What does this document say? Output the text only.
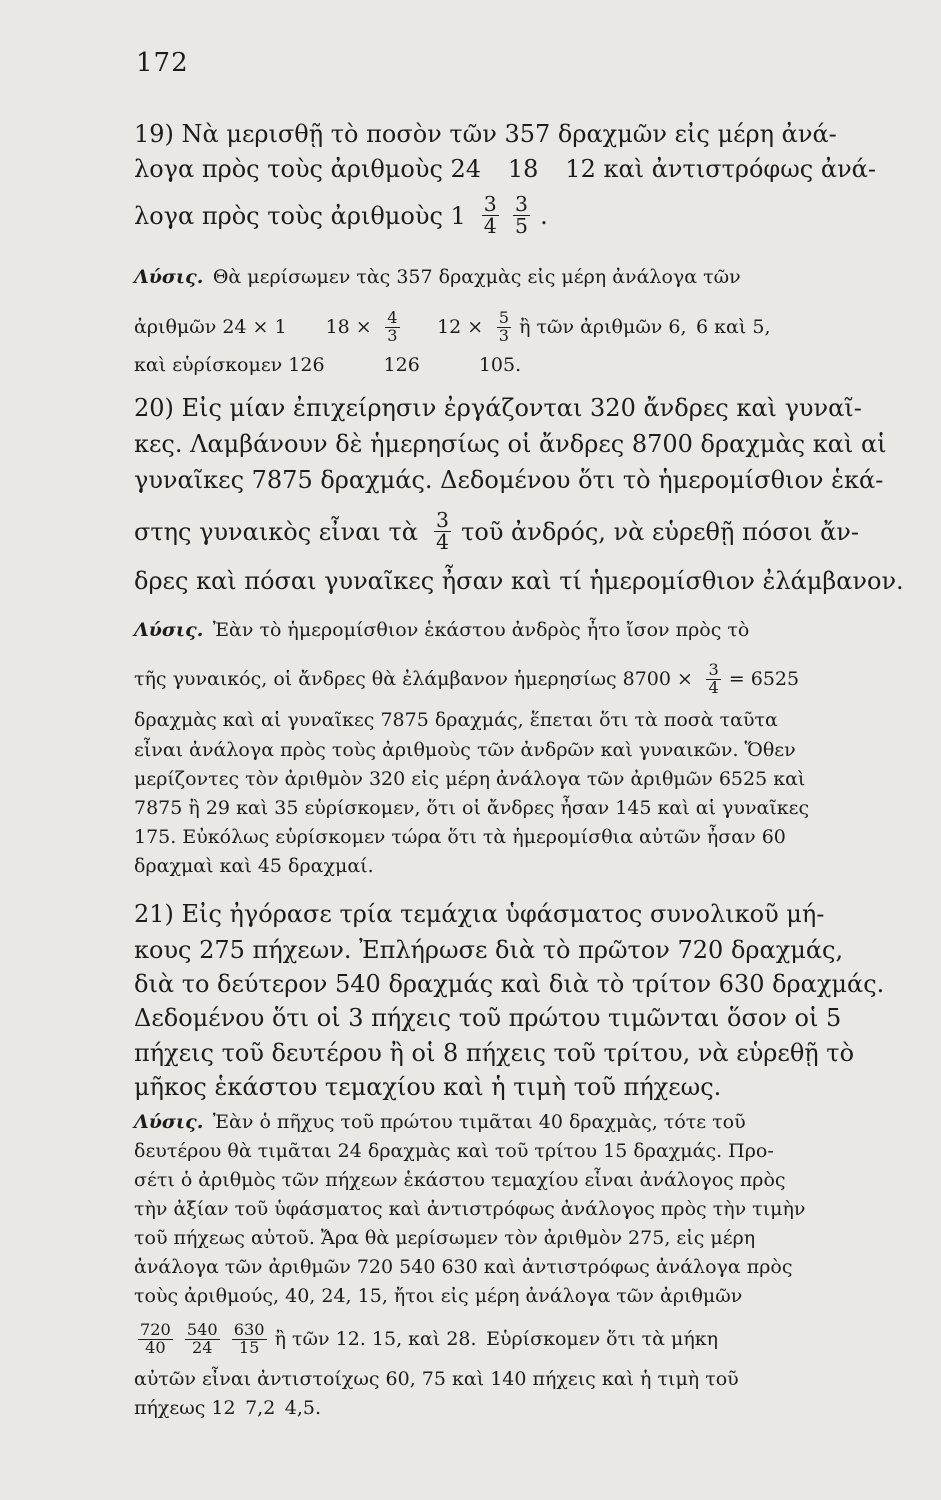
172
19) Νὰ μερισθῇ τὸ ποσὸν τῶν 357 δραχμῶν εἰς μέρη ἀνά-
λογα πρὸς τοὺς ἀριθμοὺς 24 18 12 καὶ ἀντιστρόφως ἀνά-
λογα πρὸς τοὺς ἀριθμοὺς $1 \frac{3}{4} \frac{3}{5}$ .
Λύσις. Θὰ μερίσωμεν τὰς 357 δραχμὰς εἰς μέρη ἀνάλογα τῶν
ἀριθμῶν 24 × 1 $18 \times \frac{4}{3} 12 \times \frac{5}{3}$ ἢ τῶν ἀριθμῶν 6, 6 καὶ 5,
καὶ εὑρίσκομεν 126	126	105.
20) Εἰς μίαν ἐπιχείρησιν ἐργάζονται 320 ἄνδρες καὶ γυναῖ-
κες. Λαμβάνουν δὲ ἡμερησίως οἱ ἄνδρες 8700 δραχμὰς καὶ αἱ
γυναῖκες 7875 δραχμάς. Δεδομένου ὅτι τὸ ἡμερομίσθιον ἑκά-
στης γυναικὸς εἶναι τὰ $\frac{3}{4}$ τοῦ ἀνδρός, νὰ εὑρεθῇ πόσοι ἄν-
δρες καὶ πόσαι γυναῖκες ἦσαν καὶ τί ἡμερομίσθιον ἐλάμβανον.
Λύσις. Ἐὰν τὸ ἡμερομίσθιον ἑκάστου ἀνδρὸς ἦτο ἴσον πρὸς τὸ
τῆς γυναικός, οἱ ἄνδρες θὰ ἐλάμβανον ἡμερησίως $8700 \times \frac{3}{4} = 6525$
δραχμὰς καὶ αἱ γυναῖκες 7875 δραχμάς, ἕπεται ὅτι τὰ ποσὰ ταῦτα
εἶναι ἀνάλογα πρὸς τοὺς ἀριθμοὺς τῶν ἀνδρῶν καὶ γυναικῶν. Ὅθεν
μερίζοντες τὸν ἀριθμὸν 320 εἰς μέρη ἀνάλογα τῶν ἀριθμῶν 6525 καὶ
7875 ἢ 29 καὶ 35 εὑρίσκομεν, ὅτι οἱ ἄνδρες ἦσαν 145 καὶ αἱ γυναῖκες
175. Εὐκόλως εὑρίσκομεν τώρα ὅτι τὰ ἡμερομίσθια αὐτῶν ἦσαν 60
δραχμαὶ καὶ 45 δραχμαί.
21) Εἰς ἠγόρασε τρία τεμάχια ὑφάσματος συνολικοῦ μή-
κους 275 πήχεων. Ἐπλήρωσε διὰ τὸ πρῶτον 720 δραχμάς,
διὰ το δεύτερον 540 δραχμάς καὶ διὰ τὸ τρίτον 630 δραχμάς.
Δεδομένου ὅτι οἱ 3 πήχεις τοῦ πρώτου τιμῶνται ὅσον οἱ 5
πήχεις τοῦ δευτέρου ἢ οἱ 8 πήχεις τοῦ τρίτου, νὰ εὑρεθῇ τὸ
μῆκος ἑκάστου τεμαχίου καὶ ἡ τιμὴ τοῦ πήχεως.
Λύσις. Ἐὰν ὁ πῆχυς τοῦ πρώτου τιμᾶται 40 δραχμὰς, τότε τοῦ
δευτέρου θὰ τιμᾶται 24 δραχμὰς καὶ τοῦ τρίτου 15 δραχμάς. Προ-
σέτι ὁ ἀριθμὸς τῶν πήχεων ἑκάστου τεμαχίου εἶναι ἀνάλογος πρὸς
τὴν ἀξίαν τοῦ ὑφάσματος καὶ ἀντιστρόφως ἀνάλογος πρὸς τὴν τιμὴν
τοῦ πήχεως αὐτοῦ. Ἄρα θὰ μερίσωμεν τὸν ἀριθμὸν 275, εἰς μέρη
ἀνάλογα τῶν ἀριθμῶν 720 540 630 καὶ ἀντιστρόφως ἀνάλογα πρὸς
τοὺς ἀριθμούς, 40, 24, 15, ἤτοι εἰς μέρη ἀνάλογα τῶν ἀριθμῶν
$\frac{720}{40} \frac{540}{24} \frac{630}{15}$ ἢ τῶν 12. 15, καὶ 28. Εὑρίσκομεν ὅτι τὰ μήκη
αὐτῶν εἶναι ἀντιστοίχως 60, 75 καὶ 140 πήχεις καὶ ἡ τιμὴ τοῦ
πήχεως 12 7,2 4,5.
